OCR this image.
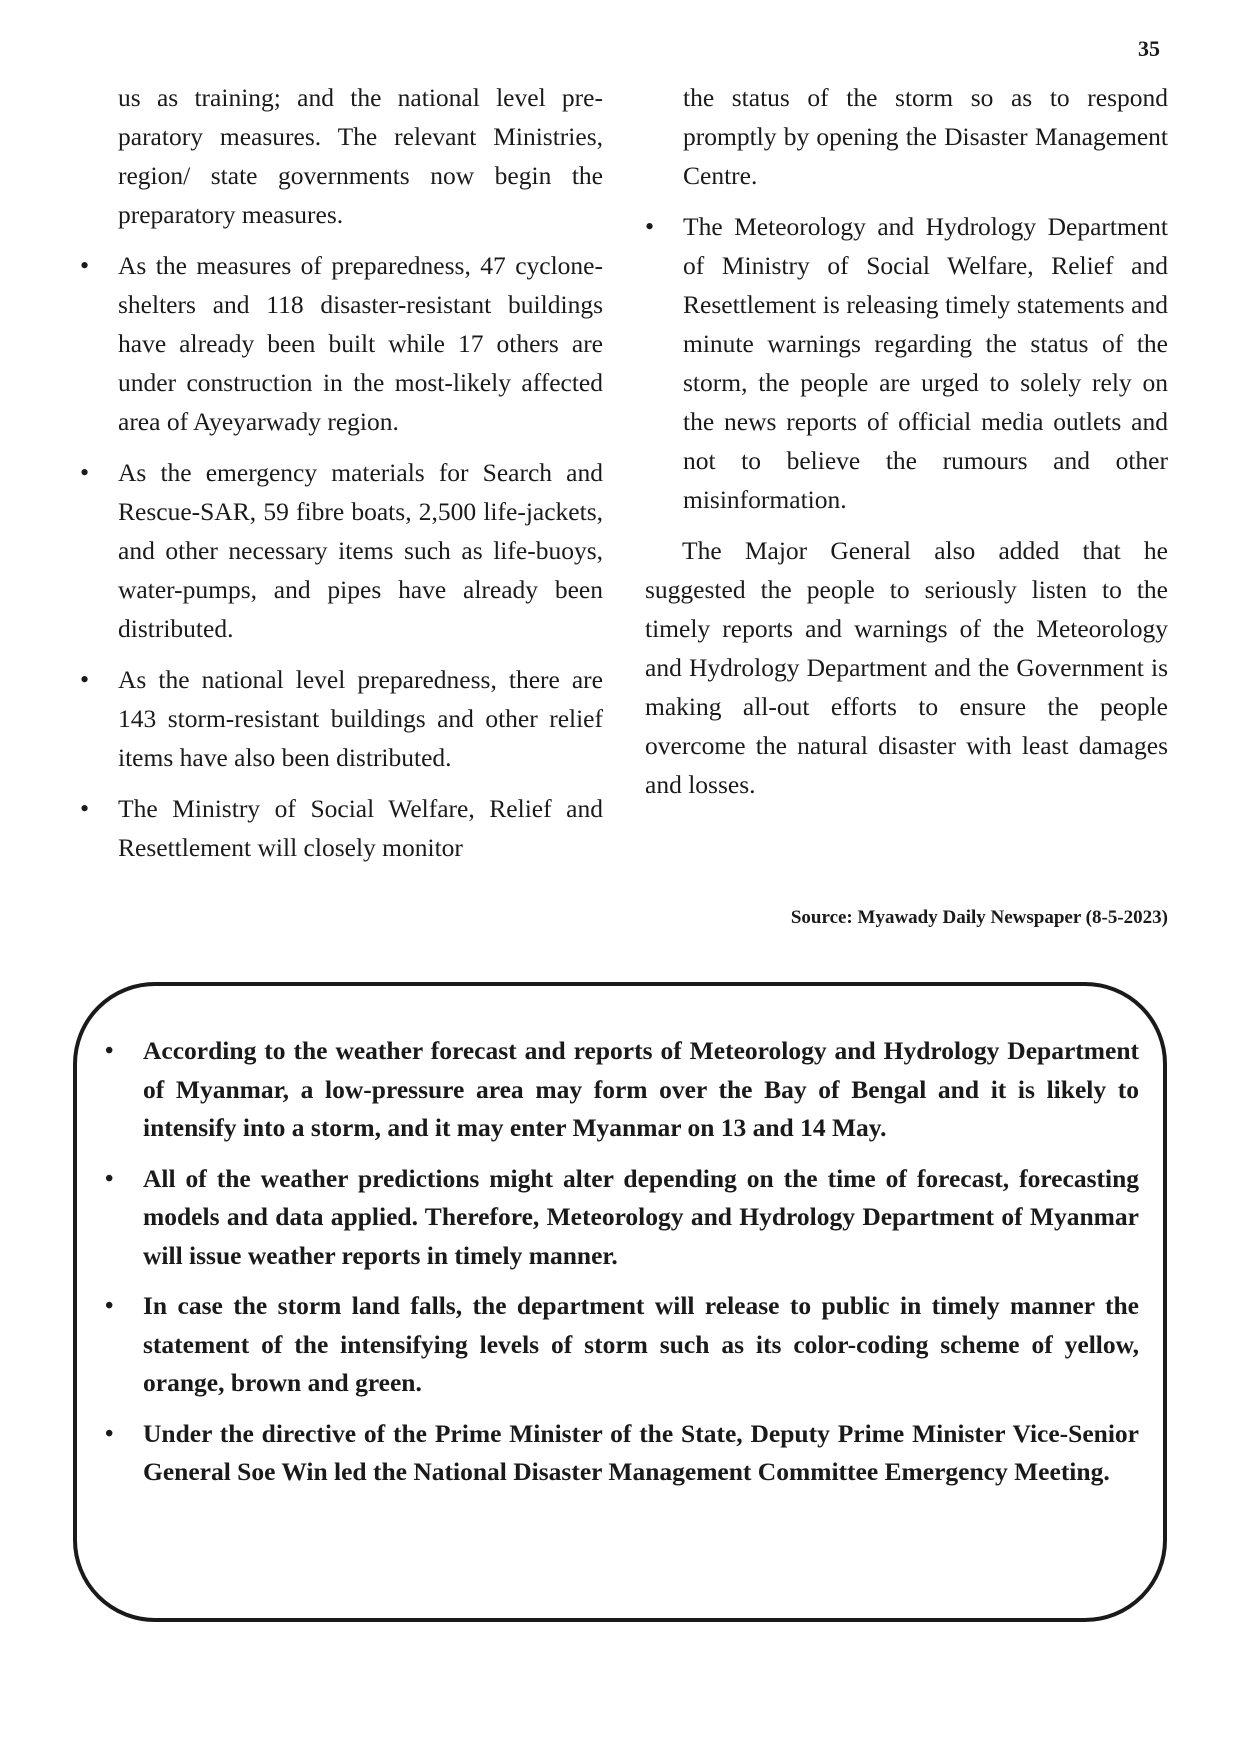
35

us as training; and the national level preparatory measures. The relevant Ministries, region/ state governments now begin the preparatory measures.

• As the measures of preparedness, 47 cyclone-shelters and 118 disaster-resistant buildings have already been built while 17 others are under construction in the most-likely affected area of Ayeyarwady region.
• As the emergency materials for Search and Rescue-SAR, 59 fibre boats, 2,500 life-jackets, and other necessary items such as life-buoys, water-pumps, and pipes have already been distributed.
• As the national level preparedness, there are 143 storm-resistant buildings and other relief items have also been distributed.
• The Ministry of Social Welfare, Relief and Resettlement will closely monitor

the status of the storm so as to respond promptly by opening the Disaster Management Centre.

• The Meteorology and Hydrology Department of Ministry of Social Welfare, Relief and Resettlement is releasing timely statements and minute warnings regarding the status of the storm, the people are urged to solely rely on the news reports of official media outlets and not to believe the rumours and other misinformation.

The Major General also added that he suggested the people to seriously listen to the timely reports and warnings of the Meteorology and Hydrology Department and the Government is making all-out efforts to ensure the people overcome the natural disaster with least damages and losses.

Source: Myawady Daily Newspaper (8-5-2023)
• According to the weather forecast and reports of Meteorology and Hydrology Department of Myanmar, a low-pressure area may form over the Bay of Bengal and it is likely to intensify into a storm, and it may enter Myanmar on 13 and 14 May.
• All of the weather predictions might alter depending on the time of forecast, forecasting models and data applied. Therefore, Meteorology and Hydrology Department of Myanmar will issue weather reports in timely manner.
• In case the storm land falls, the department will release to public in timely manner the statement of the intensifying levels of storm such as its color-coding scheme of yellow, orange, brown and green.
• Under the directive of the Prime Minister of the State, Deputy Prime Minister Vice-Senior General Soe Win led the National Disaster Management Committee Emergency Meeting.
